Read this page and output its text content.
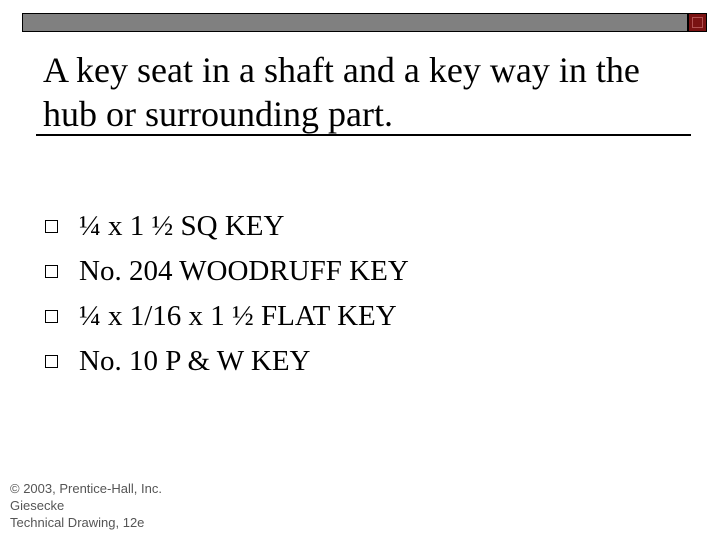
A key seat in a shaft and a key way in the hub or surrounding part.
¼ x 1 ½ SQ KEY
No. 204 WOODRUFF KEY
¼ x 1/16 x 1 ½ FLAT KEY
No. 10 P & W KEY
© 2003, Prentice-Hall, Inc.
Giesecke
Technical Drawing, 12e
